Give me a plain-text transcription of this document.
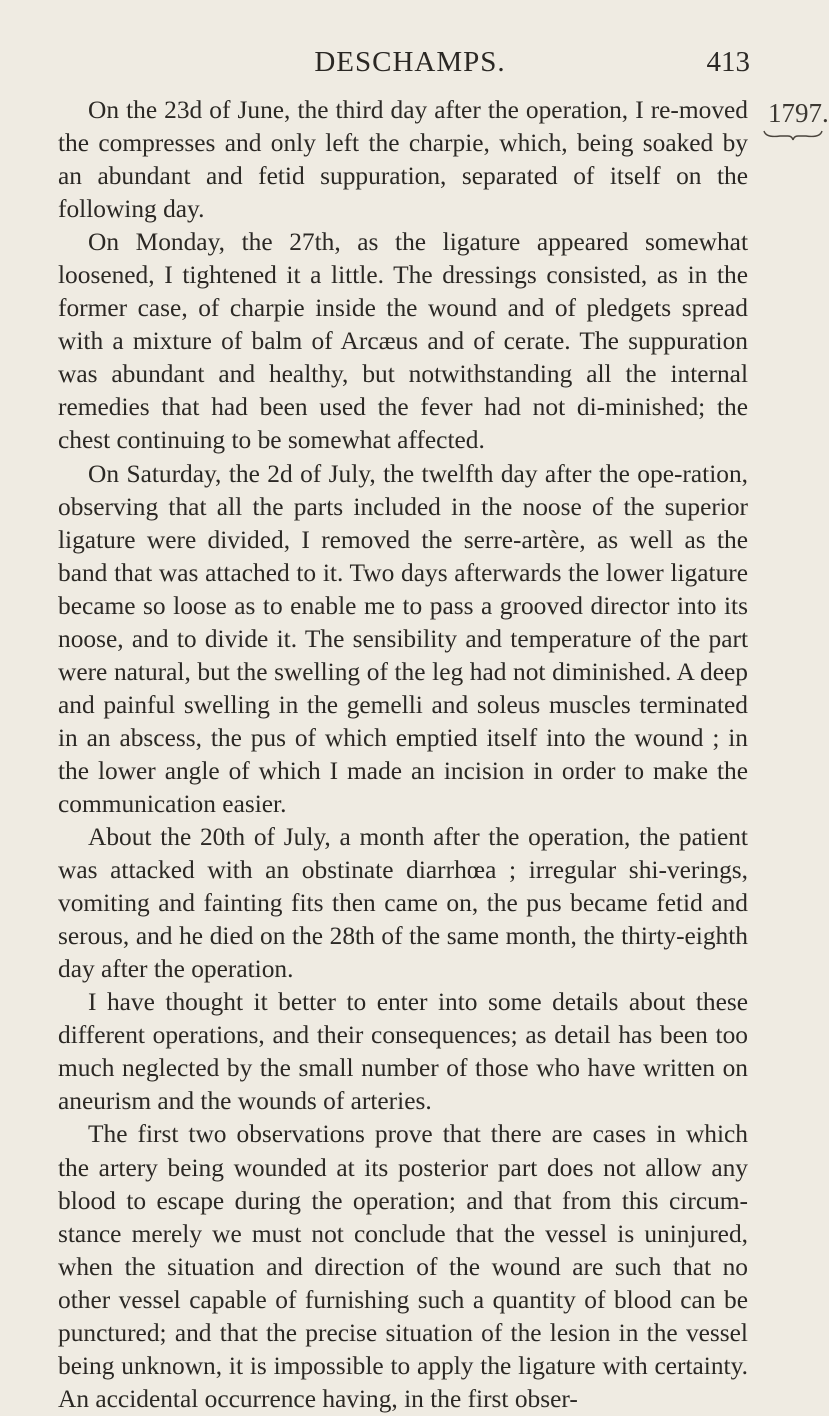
DESCHAMPS.	413
1797.

On the 23d of June, the third day after the operation, I re-moved the compresses and only left the charpie, which, being soaked by an abundant and fetid suppuration, separated of itself on the following day.

On Monday, the 27th, as the ligature appeared somewhat loosened, I tightened it a little. The dressings consisted, as in the former case, of charpie inside the wound and of pledgets spread with a mixture of balm of Arcæus and of cerate. The suppuration was abundant and healthy, but notwithstanding all the internal remedies that had been used the fever had not di-minished; the chest continuing to be somewhat affected.

On Saturday, the 2d of July, the twelfth day after the ope-ration, observing that all the parts included in the noose of the superior ligature were divided, I removed the serre-artère, as well as the band that was attached to it. Two days afterwards the lower ligature became so loose as to enable me to pass a grooved director into its noose, and to divide it. The sensibility and temperature of the part were natural, but the swelling of the leg had not diminished. A deep and painful swelling in the gemelli and soleus muscles terminated in an abscess, the pus of which emptied itself into the wound ; in the lower angle of which I made an incision in order to make the communication easier.

About the 20th of July, a month after the operation, the patient was attacked with an obstinate diarrhœa ; irregular shi-verings, vomiting and fainting fits then came on, the pus became fetid and serous, and he died on the 28th of the same month, the thirty-eighth day after the operation.

I have thought it better to enter into some details about these different operations, and their consequences; as detail has been too much neglected by the small number of those who have written on aneurism and the wounds of arteries.

The first two observations prove that there are cases in which the artery being wounded at its posterior part does not allow any blood to escape during the operation; and that from this circum-stance merely we must not conclude that the vessel is uninjured, when the situation and direction of the wound are such that no other vessel capable of furnishing such a quantity of blood can be punctured; and that the precise situation of the lesion in the vessel being unknown, it is impossible to apply the ligature with certainty. An accidental occurrence having, in the first obser-
